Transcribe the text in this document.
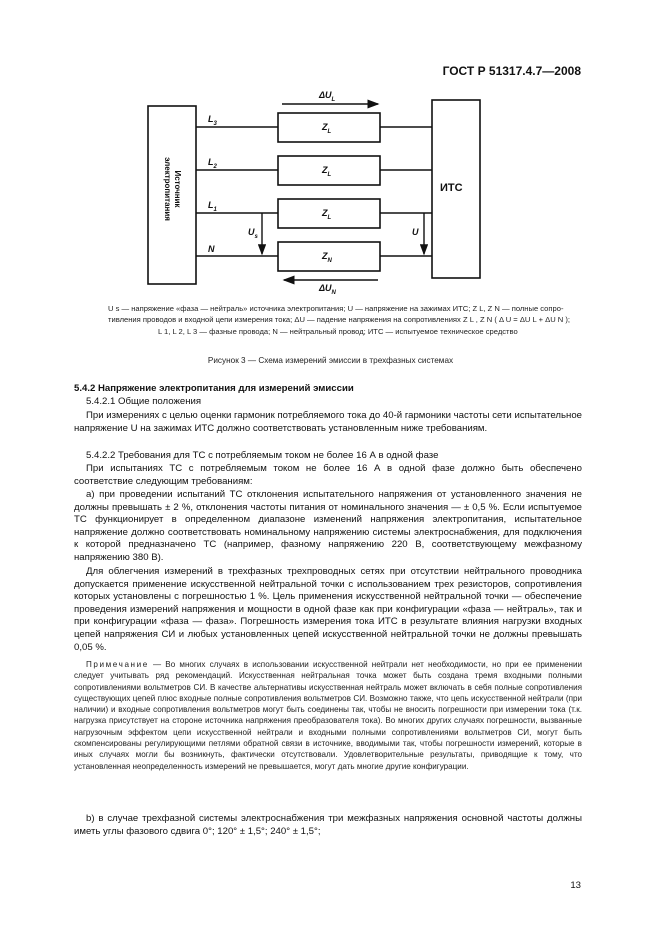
ГОСТ Р 51317.4.7—2008
Источник электропитания	ИТС
$L_3$
$L_2$
$L_1$
N
$Z_L$
$Z_L$
$Z_L$
$Z_N$
$\Delta U_L$
$\Delta U_N$
$U_s$	U
U s — напряжение «фаза — нейтраль» источника электропитания; U — напряжение на зажимах ИТС; Z L, Z N — полные сопро-
тивления проводов и входной цепи измерения тока; ΔU — падение напряжения на сопротивлениях Z L , Z N ( Δ U = ΔU L + ΔU N );
L 1, L 2, L 3 — фазные провода; N — нейтральный провод; ИТС — испытуемое техническое средство
Рисунок 3 — Схема измерений эмиссии в трехфазных системах
5.4.2 Напряжение электропитания для измерений эмиссии
5.4.2.1 Общие положения
При измерениях с целью оценки гармоник потребляемого тока до 40-й гармоники частоты сети испытательное напряжение U на зажимах ИТС должно соответствовать установленным ниже требованиям.
5.4.2.2 Требования для ТС с потребляемым током не более 16 А в одной фазе
При испытаниях ТС с потребляемым током не более 16 А в одной фазе должно быть обеспечено соответствие следующим требованиям:
a) при проведении испытаний ТС отклонения испытательного напряжения от установленного значения не должны превышать ± 2 %, отклонения частоты питания от номинального значения — ± 0,5 %. Если испытуемое ТС функционирует в определенном диапазоне изменений напряжения электропитания, испытательное напряжение должно соответствовать номинальному напряжению системы электроснабжения, для подключения к которой предназначено ТС (например, фазному напряжению 220 В, соответствующему межфазному напряжению 380 В).
Для облегчения измерений в трехфазных трехпроводных сетях при отсутствии нейтрального проводника допускается применение искусственной нейтральной точки с использованием трех резисторов, сопротивления которых установлены с погрешностью 1 %. Цель применения искусственной нейтральной точки — обеспечение проведения измерений напряжения и мощности в одной фазе как при конфигурации «фаза — нейтраль», так и при конфигурации «фаза — фаза». Погрешность измерения тока ИТС в результате влияния нагрузки входных цепей напряжения СИ и любых установленных цепей искусственной нейтральной точки не должны превышать 0,05 %.
Примечание — Во многих случаях в использовании искусственной нейтрали нет необходимости, но при ее применении следует учитывать ряд рекомендаций. Искусственная нейтральная точка может быть создана тремя входными полными сопротивлениями вольтметров СИ. В качестве альтернативы искусственная нейтраль может включать в себя полные сопротивления существующих цепей плюс входные полные сопротивления вольтметров СИ. Возможно также, что цепь искусственной нейтрали (при наличии) и входные сопротивления вольтметров могут быть соединены так, чтобы не вносить погрешности при измерении тока (т.к. нагрузка присутствует на стороне источника напряжения преобразователя тока). Во многих других случаях погрешности, вызванные нагрузочным эффектом цепи искусственной нейтрали и входными полными сопротивлениями вольтметров СИ, могут быть скомпенсированы регулирующими петлями обратной связи в источнике, вводимыми так, чтобы погрешности измерений, которые в иных случаях могли бы возникнуть, фактически отсутствовали. Удовлетворительные результаты, приводящие к тому, что установленная неопределенность измерений не превышается, могут дать многие другие конфигурации.
b) в случае трехфазной системы электроснабжения три межфазных напряжения основной частоты должны иметь углы фазового сдвига 0°; 120° ± 1,5°; 240° ± 1,5°;
13
